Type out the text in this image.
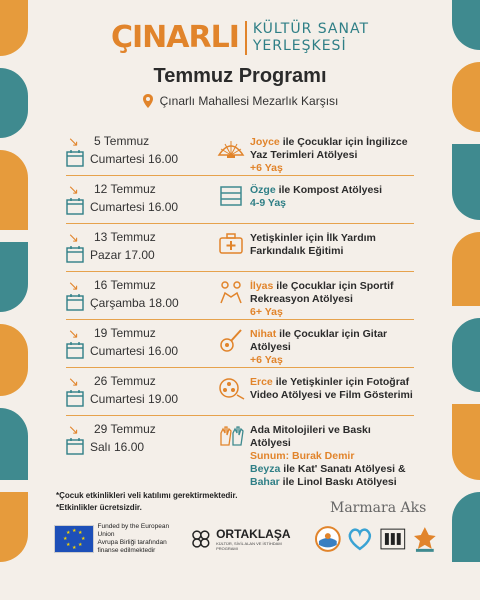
ÇINARLI KÜLTÜR SANAT
YERLEŞKESİ
Temmuz Programı
Çınarlı Mahallesi Mezarlık Karşısı
↘ 5 Temmuz
Cumartesi 16.00
Joyce ile Çocuklar için İngilizce Yaz Terimleri Atölyesi
+6 Yaş
↘ 12 Temmuz
Cumartesi 16.00
Özge ile Kompost Atölyesi
4-9 Yaş
↘ 13 Temmuz
Pazar 17.00
Yetişkinler için İlk Yardım Farkındalık Eğitimi
↘ 16 Temmuz
Çarşamba 18.00
İlyas ile Çocuklar için Sportif Rekreasyon Atölyesi
6+ Yaş
↘ 19 Temmuz
Cumartesi 16.00
Nihat ile Çocuklar için Gitar Atölyesi
+6 Yaş
↘ 26 Temmuz
Cumartesi 19.00
Erce ile Yetişkinler için Fotoğraf Video Atölyesi ve Film Gösterimi
↘ 29 Temmuz
Salı 16.00
Ada Mitolojileri ve Baskı Atölyesi
Sunum: Burak Demir
Beyza ile Kat' Sanatı Atölyesi &
Bahar ile Linol Baskı Atölyesi
*Çocuk etkinlikleri veli katılımı gerektirmektedir.
*Etkinlikler ücretsizdir.	Marmara Aks
★ ★
★
★
★
★
★
★
Funded by the European Union
Avrupa Birliği tarafından finanse edilmektedir
ORTAKLAŞA
KÜLTÜR, SİVİL ALAN VE İSTİHDAM PROGRAMI
